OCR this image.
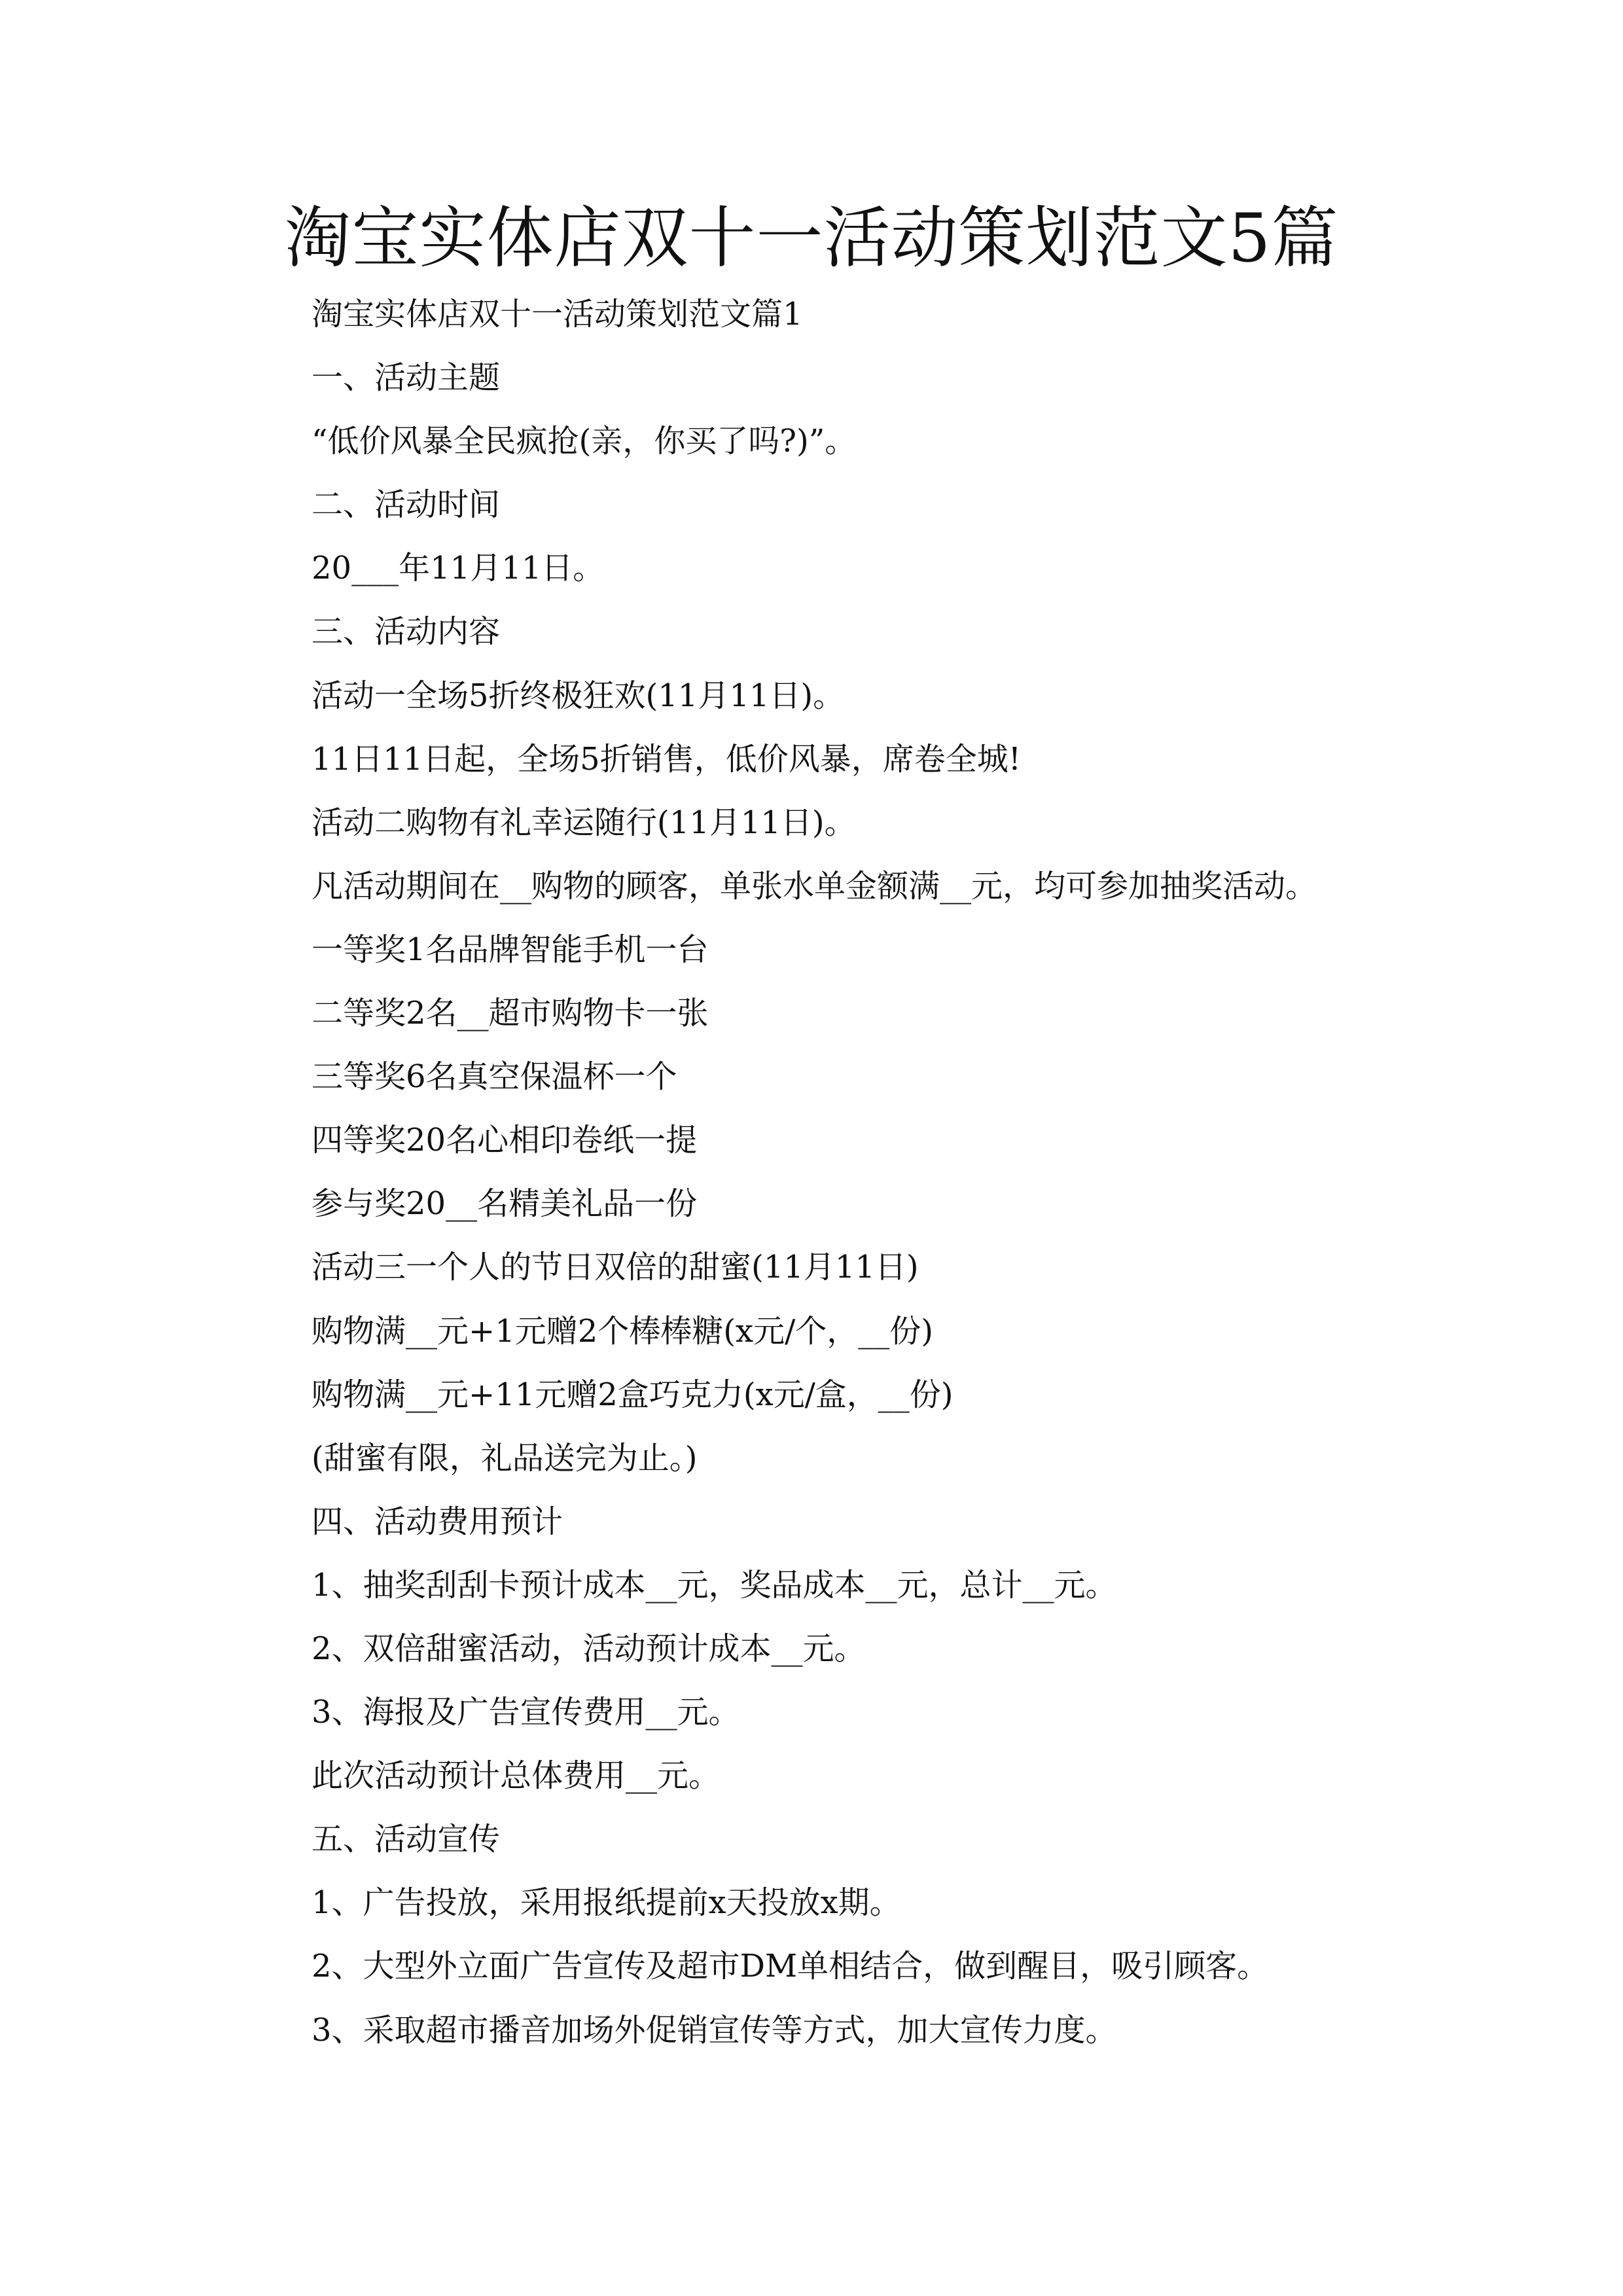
淘宝实体店双十一活动策划范文5篇
淘宝实体店双十一活动策划范文篇1
一、活动主题
“低价风暴全民疯抢(亲，你买了吗?)”。
二、活动时间
20___年11月11日。
三、活动内容
活动一全场5折终极狂欢(11月11日)。
11日11日起，全场5折销售，低价风暴，席卷全城!
活动二购物有礼幸运随行(11月11日)。
凡活动期间在__购物的顾客，单张水单金额满__元，均可参加抽奖活动。
一等奖1名品牌智能手机一台
二等奖2名__超市购物卡一张
三等奖6名真空保温杯一个
四等奖20名心相印卷纸一提
参与奖20__名精美礼品一份
活动三一个人的节日双倍的甜蜜(11月11日)
购物满__元+1元赠2个棒棒糖(x元/个，__份)
购物满__元+11元赠2盒巧克力(x元/盒，__份)
(甜蜜有限，礼品送完为止。)
四、活动费用预计
1、抽奖刮刮卡预计成本__元，奖品成本__元，总计__元。
2、双倍甜蜜活动，活动预计成本__元。
3、海报及广告宣传费用__元。
此次活动预计总体费用__元。
五、活动宣传
1、广告投放，采用报纸提前x天投放x期。
2、大型外立面广告宣传及超市DM单相结合，做到醒目，吸引顾客。
3、采取超市播音加场外促销宣传等方式，加大宣传力度。
